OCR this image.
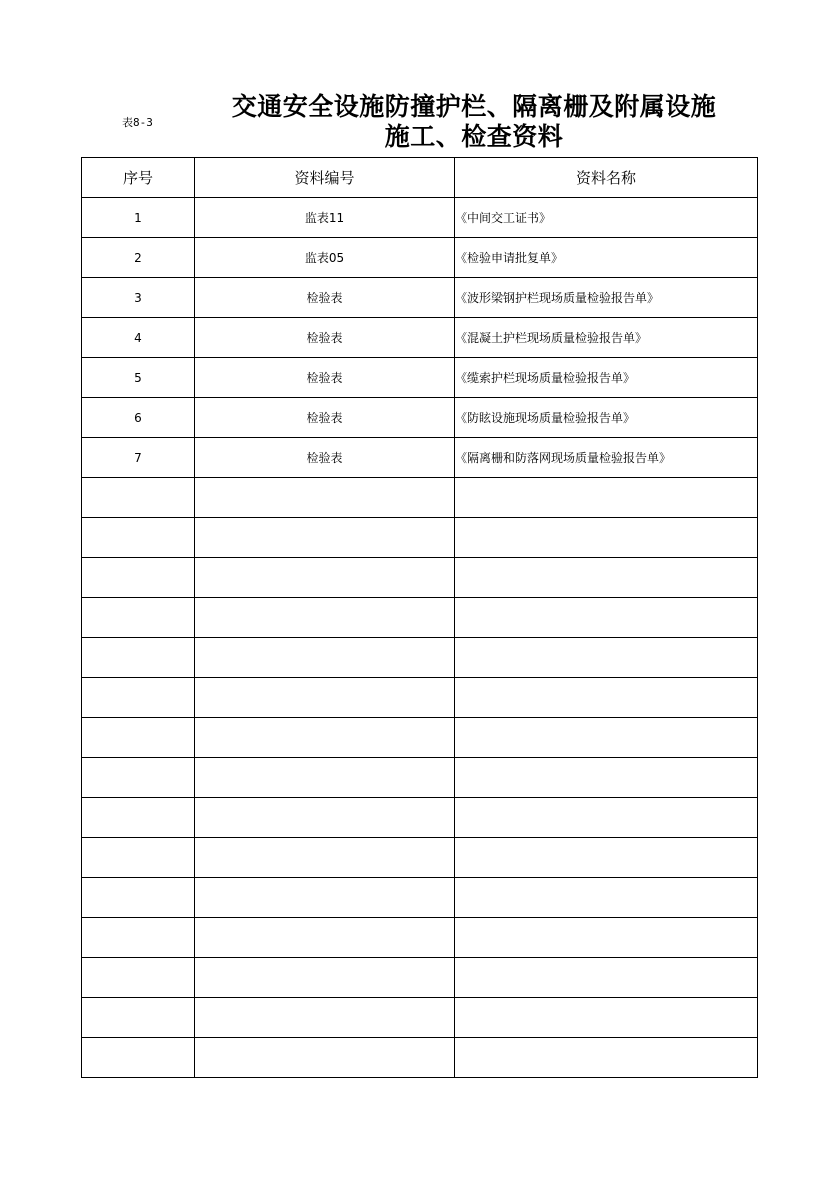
表8-3
交通安全设施防撞护栏、隔离栅及附属设施
施工、检查资料
序号	资料编号	资料名称
1	监表11	《中间交工证书》
2	监表05	《检验申请批复单》
3	检验表	《波形梁钢护栏现场质量检验报告单》
4	检验表	《混凝土护栏现场质量检验报告单》
5	检验表	《缆索护栏现场质量检验报告单》
6	检验表	《防眩设施现场质量检验报告单》
7	检验表	《隔离栅和防落网现场质量检验报告单》
